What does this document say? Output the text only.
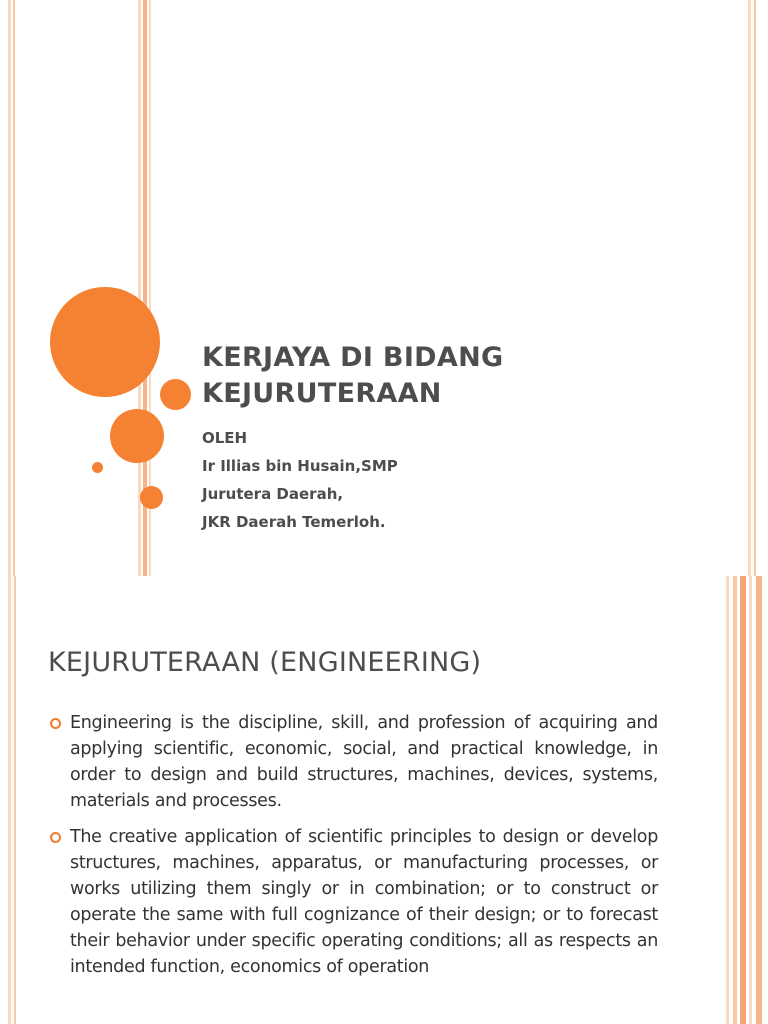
KERJAYA DI BIDANG
KEJURUTERAAN
OLEH
Ir Illias bin Husain,SMP
Jurutera Daerah,
JKR Daerah Temerloh.
KEJURUTERAAN (ENGINEERING)
Engineering is the discipline, skill, and profession of acquiring and applying scientific, economic, social, and practical knowledge, in order to design and build structures, machines, devices, systems, materials and processes.
The creative application of scientific principles to design or develop structures, machines, apparatus, or manufacturing processes, or works utilizing them singly or in combination; or to construct or operate the same with full cognizance of their design; or to forecast their behavior under specific operating conditions; all as respects an intended function, economics of operation
